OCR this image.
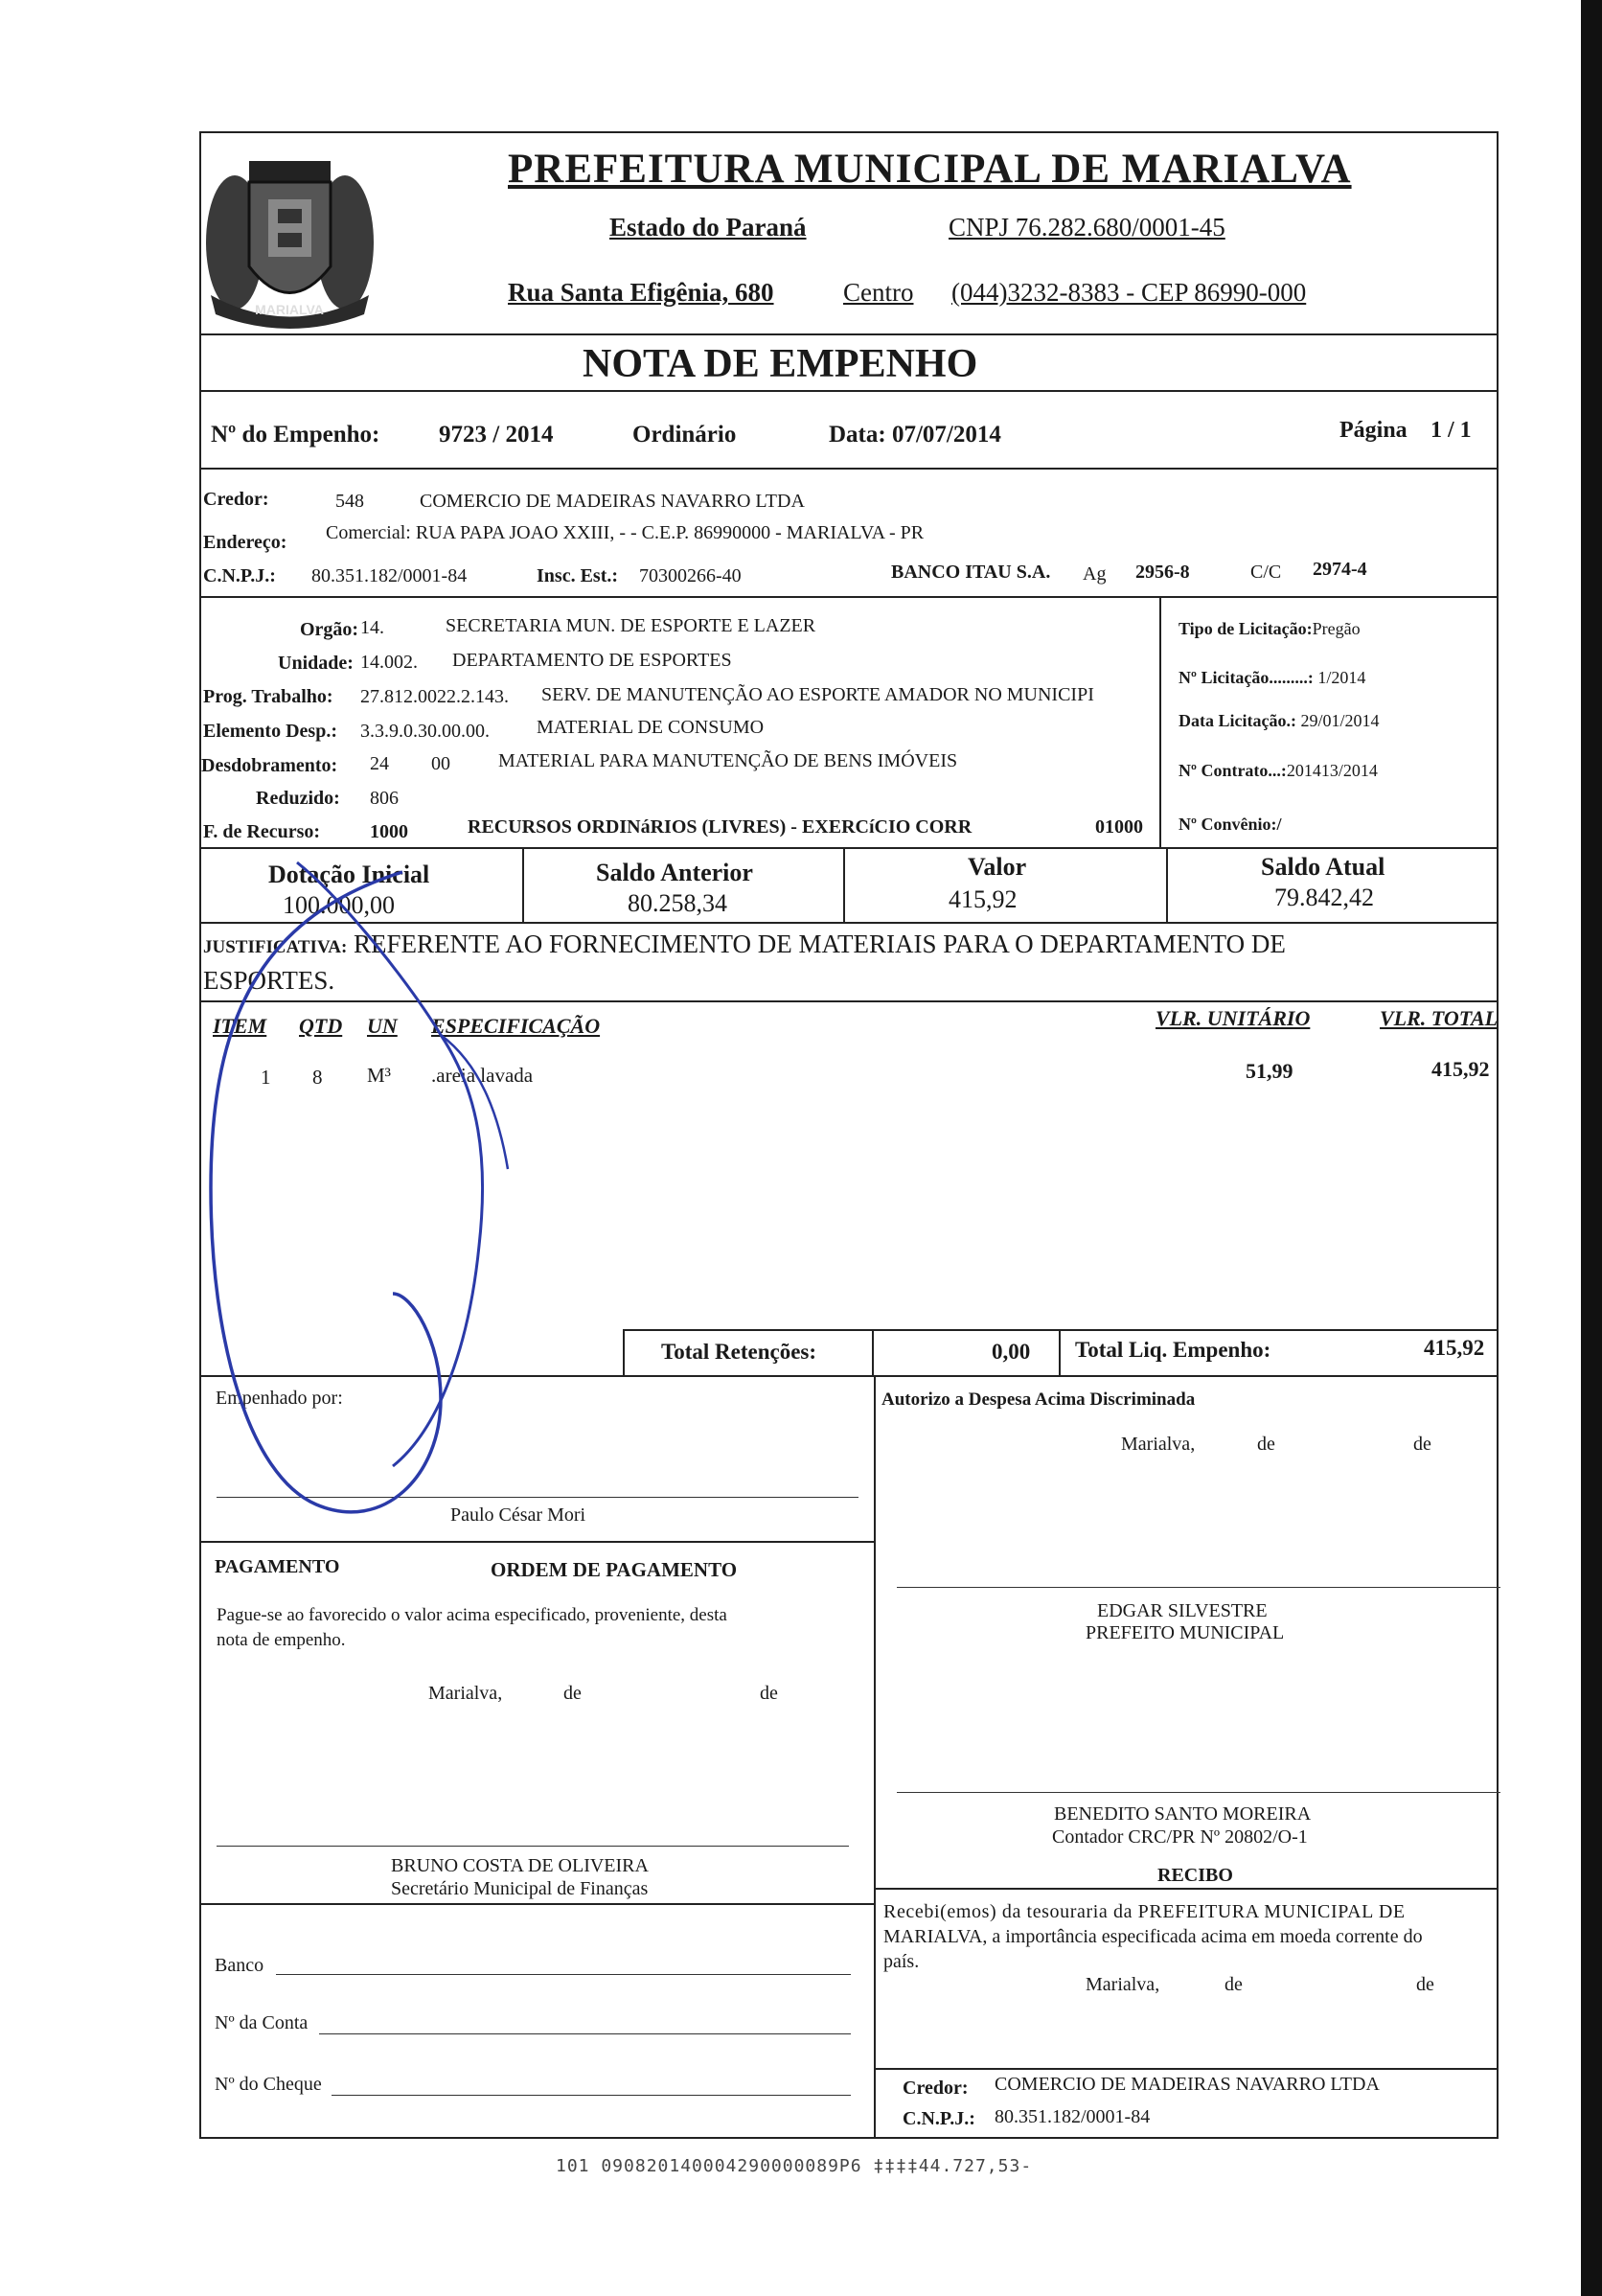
MARIALVA
PREFEITURA MUNICIPAL DE MARIALVA
Estado do Paraná	CNPJ 76.282.680/0001-45
Rua Santa Efigênia, 680	Centro (044)3232-8383 - CEP 86990-000
NOTA DE EMPENHO
Nº do Empenho: 9723 / 2014	Ordinário	Data: 07/07/2014	Página 1 / 1
Credor:	548	COMERCIO DE MADEIRAS NAVARRO LTDA
Endereço: Comercial: RUA PAPA JOAO XXIII, - - C.E.P. 86990000 - MARIALVA - PR
C.N.P.J.: 80.351.182/0001-84	Insc. Est.: 70300266-40	BANCO ITAU S.A. Ag 2956-8	C/C 2974-4
Orgão: 14.	SECRETARIA MUN. DE ESPORTE E LAZER
Unidade: 14.002. DEPARTAMENTO DE ESPORTES
Prog. Trabalho: 27.812.0022.2.143. SERV. DE MANUTENÇÃO AO ESPORTE AMADOR NO MUNICIPI
Elemento Desp.: 3.3.9.0.30.00.00. MATERIAL DE CONSUMO
Desdobramento: 24 00	MATERIAL PARA MANUTENÇÃO DE BENS IMÓVEIS
Reduzido: 806
F. de Recurso:	1000	RECURSOS ORDINáRIOS (LIVRES) - EXERCíCIO CORR	01000
Tipo de Licitação:Pregão
Nº Licitação.........: 1/2014
Data Licitação.: 29/01/2014
Nº Contrato...:201413/2014
Nº Convênio:/
Dotação Inicial
100.000,00
Saldo Anterior
80.258,34
Valor
415,92
Saldo Atual
79.842,42
JUSTIFICATIVA: REFERENTE AO FORNECIMENTO DE MATERIAIS PARA O DEPARTAMENTO DE
ESPORTES.
ITEM QTD UN ESPECIFICAÇÃO	VLR. UNITÁRIO	VLR. TOTAL
1 8 M³ .areia lavada	51,99	415,92
Total Retenções:	0,00 Total Liq. Empenho:	415,92
Empenhado por:
Paulo César Mori
Autorizo a Despesa Acima Discriminada
Marialva,	de	de
PAGAMENTO	ORDEM DE PAGAMENTO
Pague-se ao favorecido o valor acima especificado, proveniente, desta
nota de empenho.
Marialva,	de	de
EDGAR SILVESTRE
PREFEITO MUNICIPAL
BENEDITO SANTO MOREIRA
Contador CRC/PR Nº 20802/O-1
BRUNO COSTA DE OLIVEIRA
Secretário Municipal de Finanças
RECIBO
Recebi(emos) da tesouraria da PREFEITURA MUNICIPAL DE
MARIALVA, a importância especificada acima em moeda corrente do
país.
Marialva,	de	de
Banco
Nº da Conta
Nº do Cheque	Credor: COMERCIO DE MADEIRAS NAVARRO LTDA
C.N.P.J.: 80.351.182/0001-84
101 090820140004290000089P6 ‡‡‡‡44.727,53-
